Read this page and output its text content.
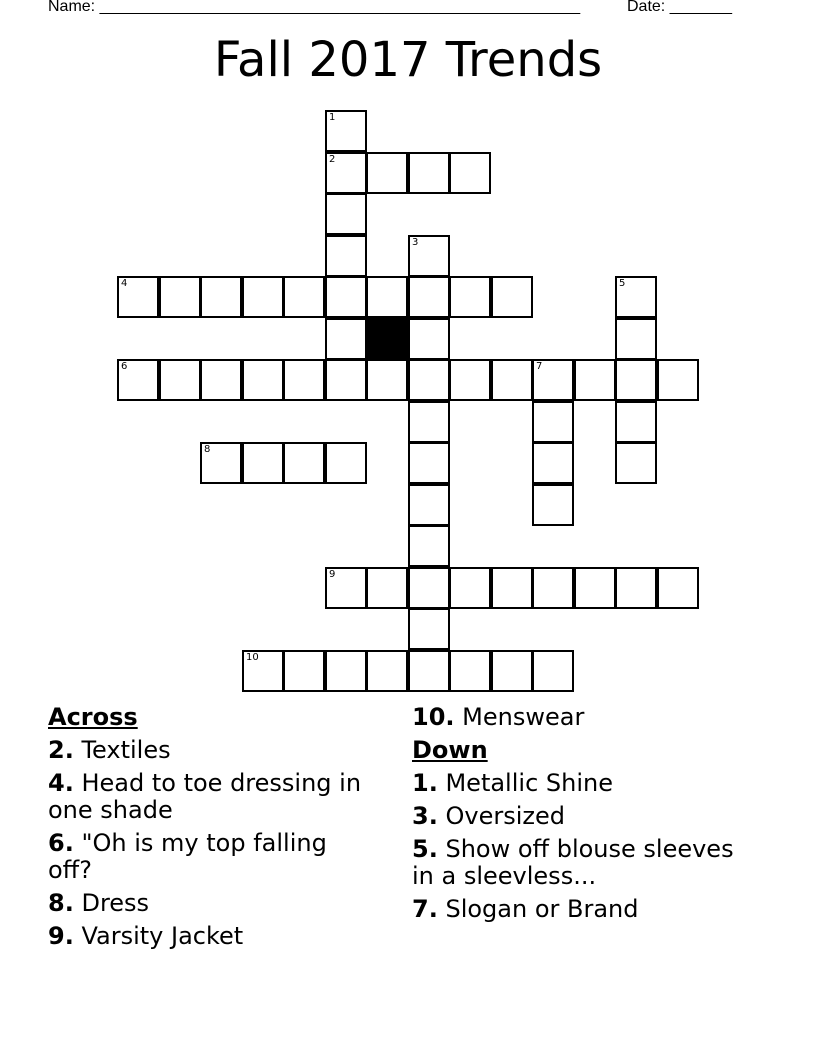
Name: ______________________________________________________	Date: _______
Fall 2017 Trends
1
2
3
4	5
6	7
8
9
10
Across
2. Textiles
4. Head to toe dressing in one shade
6. "Oh is my top falling off?
8. Dress
9. Varsity Jacket
10. Menswear
Down
1. Metallic Shine
3. Oversized
5. Show off blouse sleeves in a sleevless...
7. Slogan or Brand
